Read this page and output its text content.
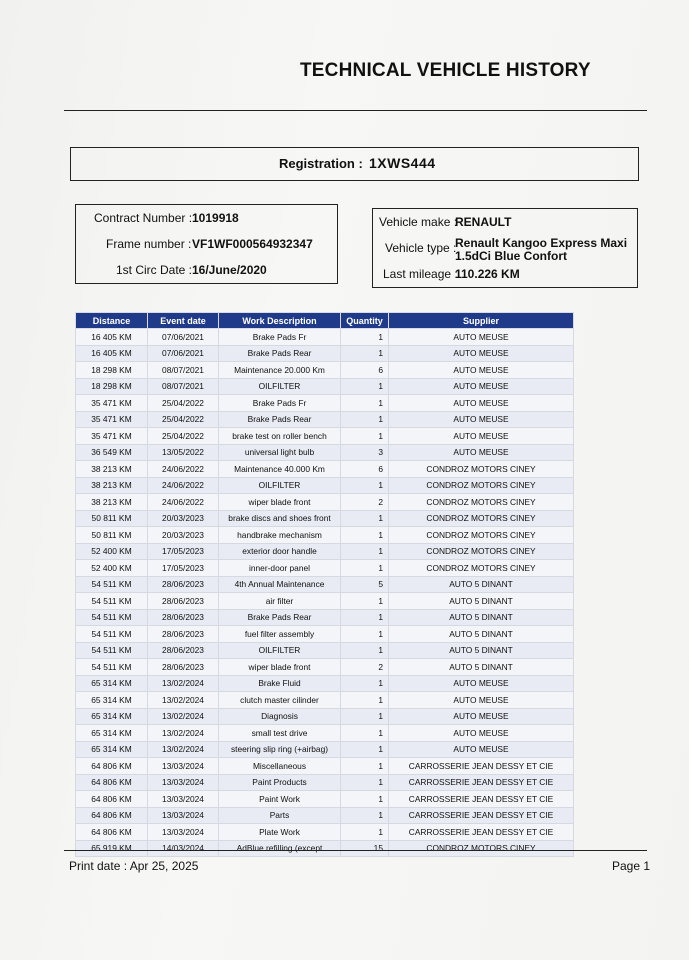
TECHNICAL VEHICLE HISTORY
Registration : 1XWS444
Contract Number : 1019918
Frame number : VF1WF000564932347
1st Circ Date : 16/June/2020
Vehicle make :
RENAULT
Vehicle type :
Renault Kangoo Express Maxi
1.5dCi Blue Confort
Last mileage :
110.226 KM
Distance	Event date	Work Description	Quantity	Supplier
16 405 KM	07/06/2021	Brake Pads Fr	1	AUTO MEUSE
16 405 KM	07/06/2021	Brake Pads Rear	1	AUTO MEUSE
18 298 KM	08/07/2021	Maintenance 20.000 Km	6	AUTO MEUSE
18 298 KM	08/07/2021	OILFILTER	1	AUTO MEUSE
35 471 KM	25/04/2022	Brake Pads Fr	1	AUTO MEUSE
35 471 KM	25/04/2022	Brake Pads Rear	1	AUTO MEUSE
35 471 KM	25/04/2022	brake test on roller bench	1	AUTO MEUSE
36 549 KM	13/05/2022	universal light bulb	3	AUTO MEUSE
38 213 KM	24/06/2022	Maintenance 40.000 Km	6	CONDROZ MOTORS CINEY
38 213 KM	24/06/2022	OILFILTER	1	CONDROZ MOTORS CINEY
38 213 KM	24/06/2022	wiper blade front	2	CONDROZ MOTORS CINEY
50 811 KM	20/03/2023	brake discs and shoes front	1	CONDROZ MOTORS CINEY
50 811 KM	20/03/2023	handbrake mechanism	1	CONDROZ MOTORS CINEY
52 400 KM	17/05/2023	exterior door handle	1	CONDROZ MOTORS CINEY
52 400 KM	17/05/2023	inner-door panel	1	CONDROZ MOTORS CINEY
54 511 KM	28/06/2023	4th Annual Maintenance	5	AUTO 5 DINANT
54 511 KM	28/06/2023	air filter	1	AUTO 5 DINANT
54 511 KM	28/06/2023	Brake Pads Rear	1	AUTO 5 DINANT
54 511 KM	28/06/2023	fuel filter assembly	1	AUTO 5 DINANT
54 511 KM	28/06/2023	OILFILTER	1	AUTO 5 DINANT
54 511 KM	28/06/2023	wiper blade front	2	AUTO 5 DINANT
65 314 KM	13/02/2024	Brake Fluid	1	AUTO MEUSE
65 314 KM	13/02/2024	clutch master cilinder	1	AUTO MEUSE
65 314 KM	13/02/2024	Diagnosis	1	AUTO MEUSE
65 314 KM	13/02/2024	small test drive	1	AUTO MEUSE
65 314 KM	13/02/2024	steering slip ring (+airbag)	1	AUTO MEUSE
64 806 KM	13/03/2024	Miscellaneous	1	CARROSSERIE JEAN DESSY ET CIE
64 806 KM	13/03/2024	Paint Products	1	CARROSSERIE JEAN DESSY ET CIE
64 806 KM	13/03/2024	Paint Work	1	CARROSSERIE JEAN DESSY ET CIE
64 806 KM	13/03/2024	Parts	1	CARROSSERIE JEAN DESSY ET CIE
64 806 KM	13/03/2024	Plate Work	1	CARROSSERIE JEAN DESSY ET CIE
65 919 KM	14/03/2024	AdBlue refilling (except	15	CONDROZ MOTORS CINEY
Print date : Apr 25, 2025	Page 1
